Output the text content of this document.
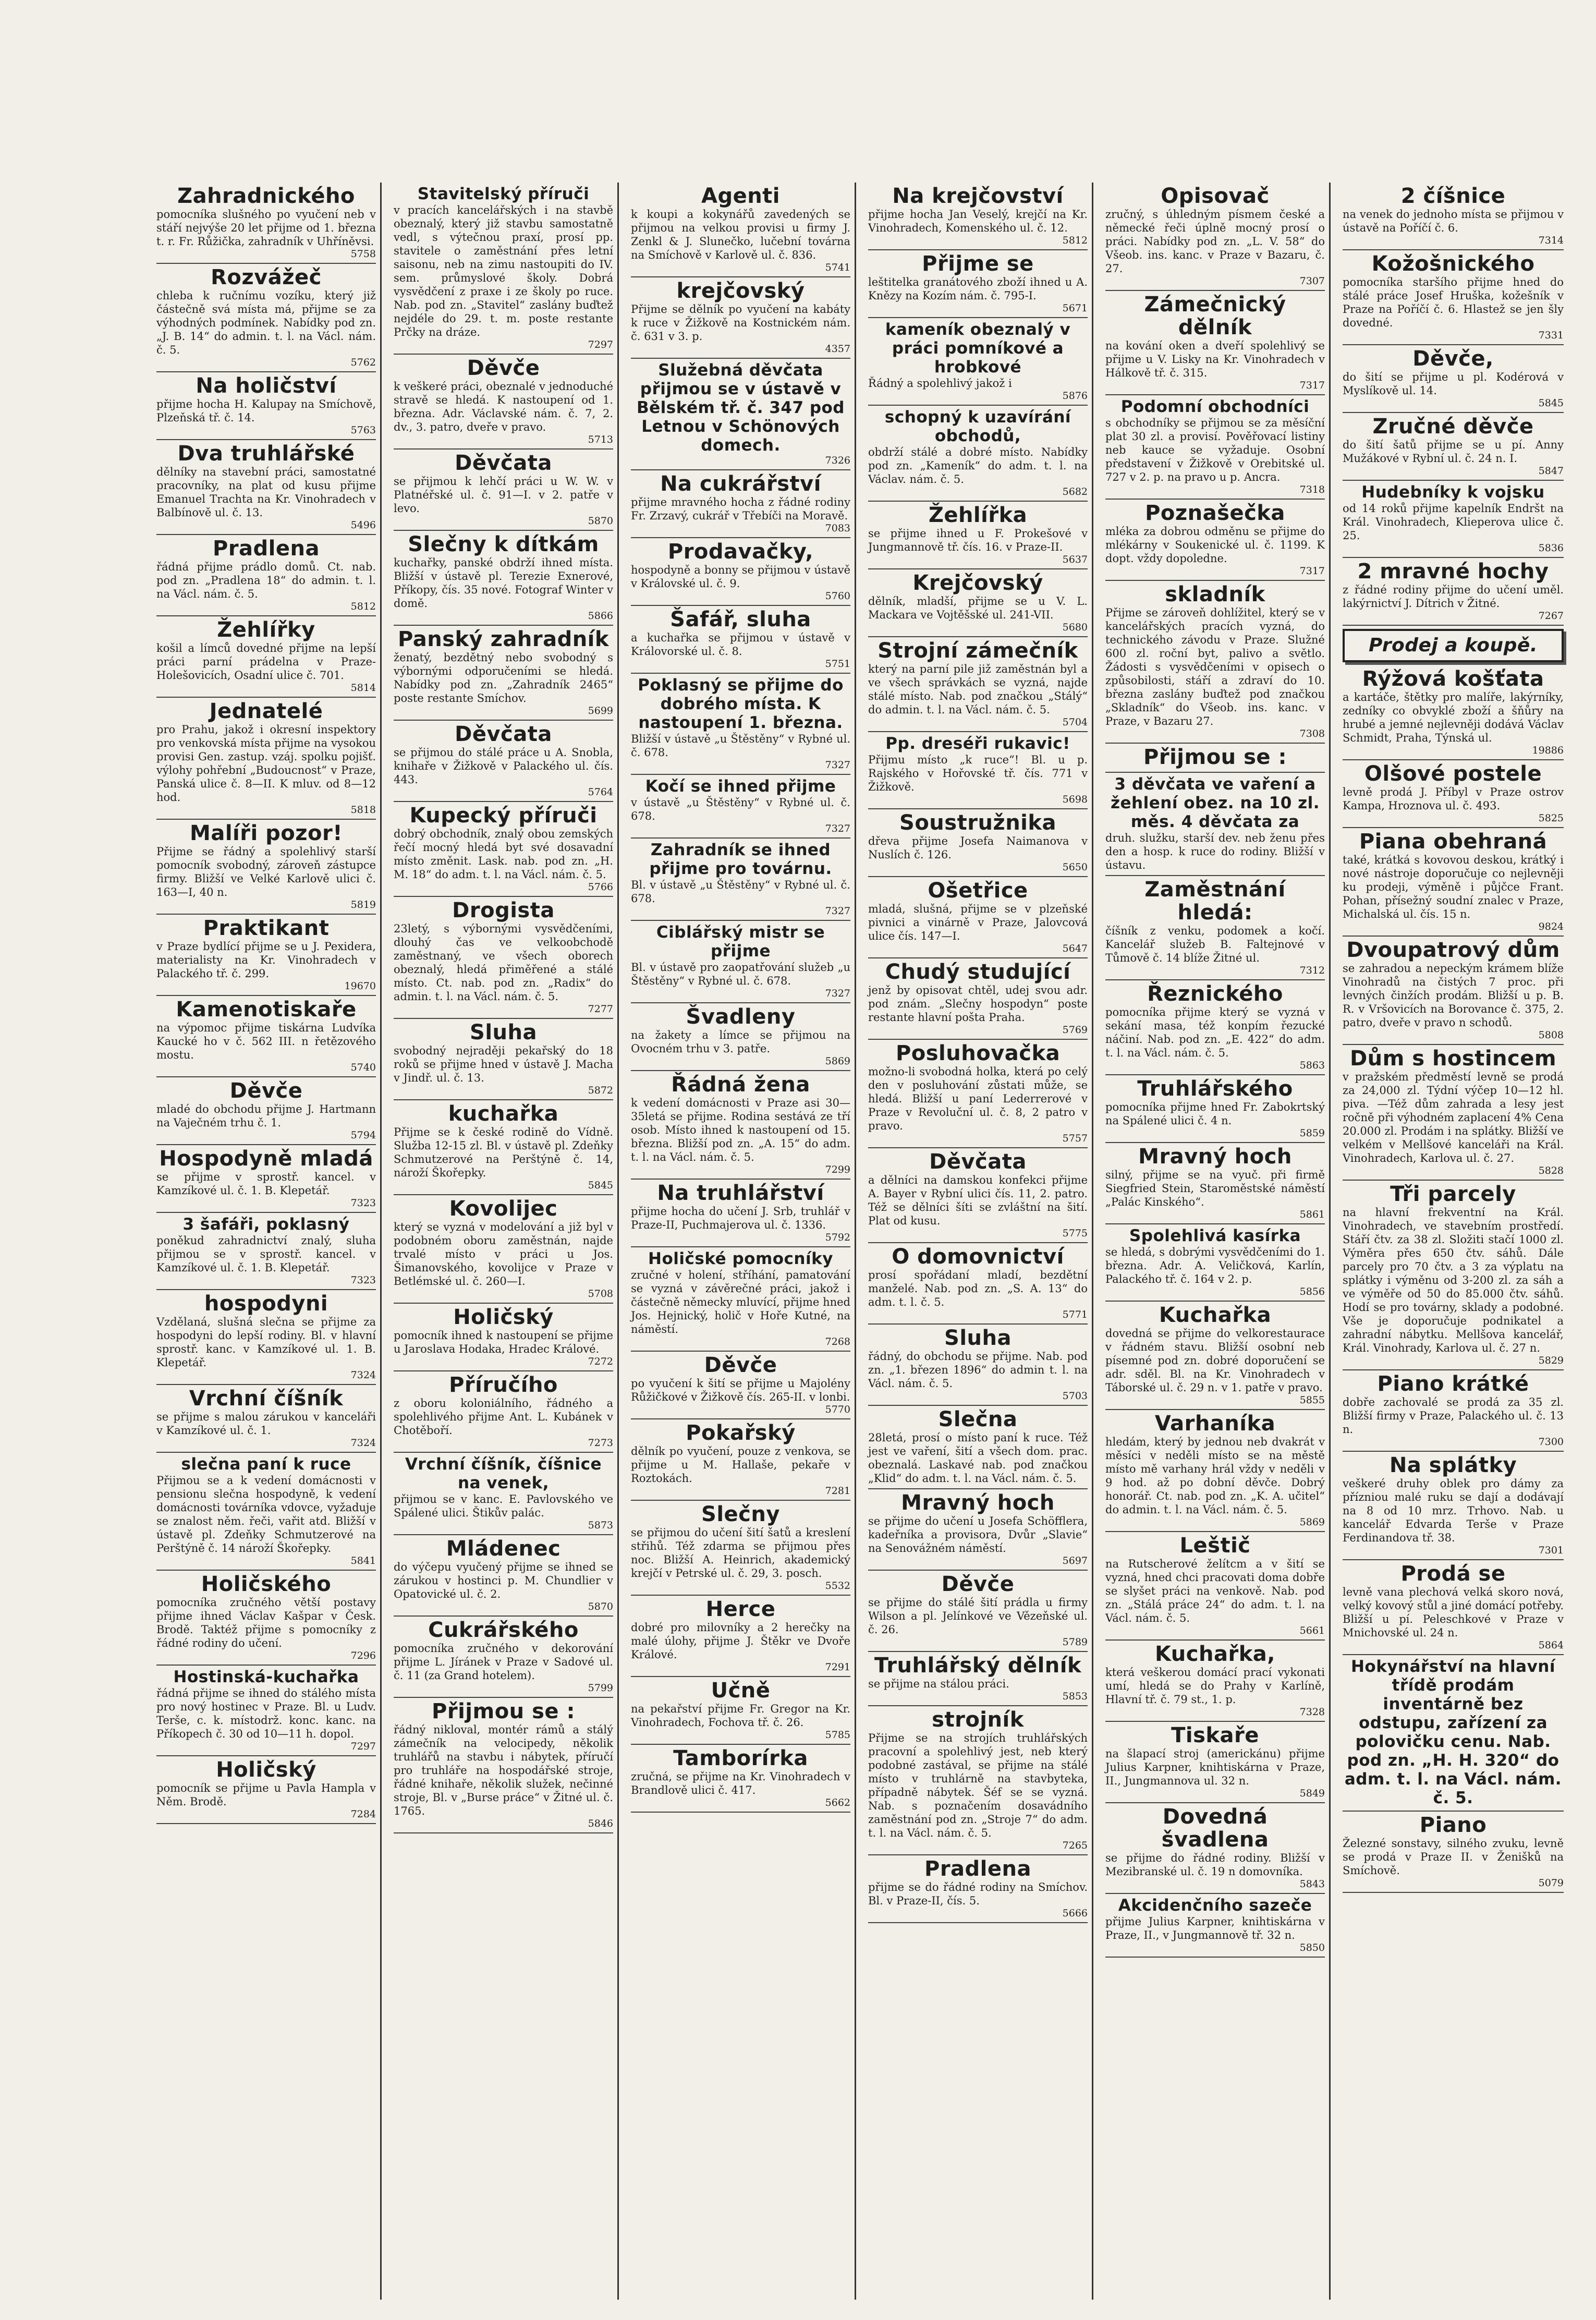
Zahradnického
pomocníka slušného po vyučení neb v stáří nejvýše 20 let přijme od 1. března t. r. Fr. Růžička, zahradník v Uhříněvsi.
5758
Rozvážeč
chleba k ručnímu vozíku, který již částečně svá místa má, přijme se za výhodných podmínek. Nabídky pod zn. „J. B. 14“ do admin. t. l. na Václ. nám. č. 5.
5762
Na holičství
přijme hocha H. Kalupay na Smíchově, Plzeňská tř. č. 14.
5763
Dva truhlářské
dělníky na stavební práci, samostatné pracovníky, na plat od kusu přijme Emanuel Trachta na Kr. Vinohradech v Balbínově ul. č. 13.
5496
Pradlena
řádná přijme prádlo domů. Ct. nab. pod zn. „Pradlena 18“ do admin. t. l. na Václ. nám. č. 5.
5812
Žehlířky
košil a límců dovedné přijme na lepší práci parní prádelna v Praze-Holešovicích, Osadní ulice č. 701.
5814
Jednatelé
pro Prahu, jakož i okresní inspektory pro venkovská místa přijme na vysokou provisi Gen. zastup. vzáj. spolku pojišť. výlohy pohřební „Budoucnost“ v Praze, Panská ulice č. 8—II. K mluv. od 8—12 hod.
5818
Malíři pozor!
Přijme se řádný a spolehlivý starší pomocník svobodný, zároveň zástupce firmy. Bližší ve Velké Karlově ulici č. 163—I, 40 n.
5819
Praktikant
v Praze bydlící přijme se u J. Pexidera, materialisty na Kr. Vinohradech v Palackého tř. č. 299.
19670
Kamenotiskaře
na výpomoc přijme tiskárna Ludvíka Kaucké ho v č. 562 III. n řetězového mostu.
5740
Děvče
mladé do obchodu přijme J. Hartmann na Vaječném trhu č. 1.
5794
Hospodyně mladá
se přijme v sprostř. kancel. v Kamzíkové ul. č. 1. B. Klepetář.
7323
3 šafáři, poklasný
poněkud zahradnictví znalý, sluha přijmou se v sprostř. kancel. v Kamzíkové ul. č. 1. B. Klepetář.
7323
hospodyni
Vzdělaná, slušná slečna se přijme za hospodyni do lepší rodiny. Bl. v hlavní sprostř. kanc. v Kamzíkové ul. 1. B. Klepetář.
7324
Vrchní číšník
se přijme s malou zárukou v kanceláři v Kamzíkové ul. č. 1.
7324
slečna paní k ruce
Přijmou se a k vedení domácnosti v pensionu slečna hospodyně, k vedení domácnosti továrníka vdovce, vyžaduje se znalost něm. řeči, vařit atd. Bližší v ústavě pl. Zdeňky Schmutzerové na Perštýně č. 14 nároží Škořepky.
5841
Holičského
pomocníka zručného větší postavy přijme ihned Václav Kašpar v Česk. Brodě. Taktéž přijme s pomocníky z řádné rodiny do učení.
7296
Hostinská-kuchařka
řádná přijme se ihned do stálého místa pro nový hostinec v Praze. Bl. u Ludv. Terše, c. k. místodrž. konc. kanc. na Příkopech č. 30 od 10—11 h. dopol.
7297
Holičský
pomocník se přijme u Pavla Hampla v Něm. Brodě.
7284
Stavitelský příruči
v pracích kancelářských i na stavbě obeznalý, který již stavbu samostatně vedl, s výtečnou praxí, prosí pp. stavitele o zaměstnání přes letní saisonu, neb na zimu nastoupiti do IV. sem. průmyslové školy. Dobrá vysvědčení z praxe i ze školy po ruce. Nab. pod zn. „Stavitel“ zaslány buďtež nejdéle do 29. t. m. poste restante Prčky na dráze.
7297
Děvče
k veškeré práci, obeznalé v jednoduché stravě se hledá. K nastoupení od 1. března. Adr. Václavské nám. č. 7, 2. dv., 3. patro, dveře v pravo.
5713
Děvčata
se přijmou k lehčí práci u W. W. v Platnéřské ul. č. 91—I. v 2. patře v levo.
5870
Slečny k dítkám
kuchařky, panské obdrží ihned místa. Bližší v ústavě pl. Terezie Exnerové, Příkopy, čís. 35 nové. Fotograf Winter v domě.
5866
Panský zahradník
ženatý, bezdětný nebo svobodný s výbornými odporučeními se hledá. Nabídky pod zn. „Zahradník 2465“ poste restante Smíchov.
5699
Děvčata
se přijmou do stálé práce u A. Snobla, knihaře v Žižkově v Palackého ul. čís. 443.
5764
Kupecký příruči
dobrý obchodník, znalý obou zemských řečí mocný hledá byt své dosavadní místo změnit. Lask. nab. pod zn. „H. M. 18“ do adm. t. l. na Václ. nám. č. 5.
5766
Drogista
23letý, s výbornými vysvědčeními, dlouhý čas ve velkoobchodě zaměstnaný, ve všech oborech obeznalý, hledá přiměřené a stálé místo. Ct. nab. pod zn. „Radix“ do admin. t. l. na Václ. nám. č. 5.
7277
Sluha
svobodný nejraději pekařský do 18 roků se přijme hned v ústavě J. Macha v Jindř. ul. č. 13.
5872
kuchařka
Přijme se k české rodině do Vídně. Služba 12-15 zl. Bl. v ústavě pl. Zdeňky Schmutzerové na Perštýně č. 14, nároží Škořepky.
5845
Kovolijec
který se vyzná v modelování a již byl v podobném oboru zaměstnán, najde trvalé místo v práci u Jos. Šimanovského, kovolijce v Praze v Betlémské ul. č. 260—I.
5708
Holičský
pomocník ihned k nastoupení se přijme u Jaroslava Hodaka, Hradec Králové.
7272
Příručího
z oboru koloniálního, řádného a spolehlivého přijme Ant. L. Kubánek v Chotěboří.
7273
Vrchní číšník, číšnice na venek,
přijmou se v kanc. E. Pavlovského ve Spálené ulici. Štikův palác.
5873
Mládenec
do výčepu vyučený přijme se ihned se zárukou v hostinci p. M. Chundlier v Opatovické ul. č. 2.
5870
Cukrářského
pomocníka zručného v dekorování přijme L. Jíránek v Praze v Sadové ul. č. 11 (za Grand hotelem).
5799
Přijmou se :
řádný nikloval, montér rámů a stálý zámečník na velocipedy, několik truhlářů na stavbu i nábytek, příručí pro truhláře na hospodářské stroje, řádné knihaře, několik služek, nečinné stroje, Bl. v „Burse práce“ v Žitné ul. č. 1765.
5846
Agenti
k koupi a kokynářů zavedených se přijmou na velkou provisi u firmy J. Zenkl & J. Slunečko, lučební továrna na Smíchově v Karlově ul. č. 836.
5741
krejčovský
Přijme se dělník po vyučení na kabáty k ruce v Žižkově na Kostnickém nám. č. 631 v 3. p.
4357
Služebná děvčata přijmou se v ústavě v Bělském tř. č. 347 pod Letnou v Schönových domech.
7326
Na cukrářství
přijme mravného hocha z řádné rodiny Fr. Zrzavý, cukrář v Třebíči na Moravě.
7083
Prodavačky,
hospodyně a bonny se přijmou v ústavě v Královské ul. č. 9.
5760
Šafář, sluha
a kuchařka se přijmou v ústavě v Královorské ul. č. 8.
5751
Poklasný se přijme do dobrého místa. K nastoupení 1. března.
Bližší v ústavě „u Štěstěny“ v Rybné ul. č. 678.
7327
Kočí se ihned přijme
v ústavě „u Štěstěny“ v Rybné ul. č. 678.
7327
Zahradník se ihned přijme pro továrnu.
Bl. v ústavě „u Štěstěny“ v Rybné ul. č. 678.
7327
Ciblářský mistr se přijme
Bl. v ústavě pro zaopatřování služeb „u Štěstěny“ v Rybné ul. č. 678.
7327
Švadleny
na žakety a límce se přijmou na Ovocném trhu v 3. patře.
5869
Řádná žena
k vedení domácnosti v Praze asi 30—35letá se přijme. Rodina sestává ze tří osob. Místo ihned k nastoupení od 15. března. Bližší pod zn. „A. 15“ do adm. t. l. na Václ. nám. č. 5.
7299
Na truhlářství
přijme hocha do učení J. Srb, truhlář v Praze-II, Puchmajerova ul. č. 1336.
5792
Holičské pomocníky
zručné v holení, stříhání, pamatování se vyzná v závěrečné práci, jakož i částečně německy mluvící, přijme hned Jos. Hejnický, holič v Hoře Kutné, na náměstí.
7268
Děvče
po vyučení k šití se přijme u Majolény Růžičkové v Žižkově čís. 265-II. v lonbi.
5770
Pokařský
dělník po vyučení, pouze z venkova, se přijme u M. Hallaše, pekaře v Roztokách.
7281
Slečny
se přijmou do učení šití šatů a kreslení střihů. Též zdarma se přijmou přes noc. Bližší A. Heinrich, akademický krejčí v Petrské ul. č. 29, 3. posch.
5532
Herce
dobré pro milovníky a 2 herečky na malé úlohy, přijme J. Štěkr ve Dvoře Králové.
7291
Učně
na pekařství přijme Fr. Gregor na Kr. Vinohradech, Fochova tř. č. 26.
5785
Tamborírka
zručná, se přijme na Kr. Vinohradech v Brandlově ulici č. 417.
5662
Na krejčovství
přijme hocha Jan Veselý, krejčí na Kr. Vinohradech, Komenského ul. č. 12.
5812
Přijme se
leštitelka granátového zboží ihned u A. Knězy na Kozím nám. č. 795-I.
5671
kameník obeznalý v práci pomníkové a hrobkové
Řádný a spolehlivý jakož i
5876
schopný k uzavírání obchodů,
obdrží stálé a dobré místo. Nabídky pod zn. „Kameník“ do adm. t. l. na Václav. nám. č. 5.
5682
Žehlířka
se přijme ihned u F. Prokešové v Jungmannově tř. čís. 16. v Praze-II.
5637
Krejčovský
dělník, mladší, přijme se u V. L. Mackara ve Vojtěšské ul. 241-VII.
5680
Strojní zámečník
který na parní pile již zaměstnán byl a ve všech správkách se vyzná, najde stálé místo. Nab. pod značkou „Stálý“ do admin. t. l. na Václ. nám. č. 5.
5704
Pp. dreséři rukavic!
Přijmu místo „k ruce“! Bl. u p. Rajského v Hořovské tř. čís. 771 v Žižkově.
5698
Soustružnika
dřeva přijme Josefa Naimanova v Nuslích č. 126.
5650
Ošetřice
mladá, slušná, přijme se v plzeňské pivnici a vinárně v Praze, Jalovcová ulice čís. 147—I.
5647
Chudý studující
jenž by opisovat chtěl, udej svou adr. pod znám. „Slečny hospodyn“ poste restante hlavní pošta Praha.
5769
Posluhovačka
možno-li svobodná holka, která po celý den v posluhování zůstati může, se hledá. Bližší u paní Lederrerové v Praze v Revoluční ul. č. 8, 2 patro v pravo.
5757
Děvčata
a dělníci na damskou konfekci přijme A. Bayer v Rybní ulici čís. 11, 2. patro. Též se dělníci šíti se zvláštní na šití. Plat od kusu.
5775
O domovnictví
prosí spořádaní mladí, bezdětní manželé. Nab. pod zn. „S. A. 13“ do adm. t. l. č. 5.
5771
Sluha
řádný, do obchodu se přijme. Nab. pod zn. „1. březen 1896“ do admin t. l. na Václ. nám. č. 5.
5703
Slečna
28letá, prosí o místo paní k ruce. Též jest ve vaření, šití a všech dom. prac. obeznalá. Laskavé nab. pod značkou „Klid“ do adm. t. l. na Václ. nám. č. 5.
Mravný hoch
se přijme do učení u Josefa Schöfflera, kadeřníka a provisora, Dvůr „Slavie“ na Senovážném náměstí.
5697
Děvče
se přijme do stálé šití prádla u firmy Wilson a pl. Jelínkové ve Vězeňské ul. č. 26.
5789
Truhlářský dělník
se přijme na stálou práci.
5853
strojník
Přijme se na strojích truhlářských pracovní a spolehlivý jest, neb který podobné zastával, se přijme na stálé místo v truhlárně na stavbyteka, případně nábytek. Šéf se se vyzná. Nab. s poznačením dosavádního zaměstnání pod zn. „Stroje 7“ do adm. t. l. na Václ. nám. č. 5.
7265
Pradlena
přijme se do řádné rodiny na Smíchov. Bl. v Praze-II, čís. 5.
5666
Opisovač
zručný, s úhledným písmem české a německé řeči úplně mocný prosí o práci. Nabídky pod zn. „L. V. 58“ do Všeob. ins. kanc. v Praze v Bazaru, č. 27.
7307
Zámečnický dělník
na kování oken a dveří spolehlivý se přijme u V. Lisky na Kr. Vinohradech v Hálkově tř. č. 315.
7317
Podomní obchodníci
s obchodníky se přijmou se za měsíční plat 30 zl. a provisí. Pověřovací listiny neb kauce se vyžaduje. Osobní představení v Žižkově v Orebitské ul. 727 v 2. p. na pravo u p. Ancra.
7318
Poznašečka
mléka za dobrou odměnu se přijme do mlékárny v Soukenické ul. č. 1199. K dopt. vždy dopoledne.
7317
skladník
Přijme se zároveň dohlížitel, který se v kancelářských pracích vyzná, do technického závodu v Praze. Služné 600 zl. roční byt, palivo a světlo. Žádosti s vysvědčeními v opisech o způsobilosti, stáří a zdraví do 10. března zaslány buďtež pod značkou „Skladník“ do Všeob. ins. kanc. v Praze, v Bazaru 27.
7308
Přijmou se :
3 děvčata ve vaření a žehlení obez. na 10 zl. měs. 4 děvčata za
druh. služku, starší dev. neb ženu přes den a hosp. k ruce do rodiny. Bližší v ústavu.
Zaměstnání hledá:
číšník z venku, podomek a kočí. Kancelář služeb B. Faltejnové v Tůmově č. 14 blíže Žitné ul.
7312
Řeznického
pomocníka přijme který se vyzná v sekání masa, též konpím řezucké náčiní. Nab. pod zn. „E. 422“ do adm. t. l. na Václ. nám. č. 5.
5863
Truhlářského
pomocníka přijme hned Fr. Zabokrtský na Spálené ulici č. 4 n.
5859
Mravný hoch
silný, přijme se na vyuč. při firmě Siegfried Stein, Staroměstské náměstí „Palác Kinského“.
5861
Spolehlivá kasírka
se hledá, s dobrými vysvědčeními do 1. března. Adr. A. Veličková, Karlín, Palackého tř. č. 164 v 2. p.
5856
Kuchařka
dovedná se přijme do velkorestaurace v řádném stavu. Bližší osobní neb písemné pod zn. dobré doporučení se adr. sděl. Bl. na Kr. Vinohradech v Táborské ul. č. 29 n. v 1. patře v pravo.
5855
Varhaníka
hledám, který by jednou neb dvakrát v měsíci v neděli místo se na městě místo mě varhany hrál vždy v neděli v 9 hod. až po dobní děvče. Dobrý honorář. Ct. nab. pod zn. „K. A. učitel“ do admin. t. l. na Václ. nám. č. 5.
5869
Leštič
na Rutscherové želítcm a v šití se vyzná, hned chci pracovati doma dobře se slyšet práci na venkově. Nab. pod zn. „Stálá práce 24“ do adm. t. l. na Václ. nám. č. 5.
5661
Kuchařka,
která veškerou domácí prací vykonati umí, hledá se do Prahy v Karlíně, Hlavní tř. č. 79 st., 1. p.
7328
Tiskaře
na šlapací stroj (americkánu) přijme Julius Karpner, knihtiskárna v Praze, II., Jungmannova ul. 32 n.
5849
Dovedná švadlena
se přijme do řádné rodiny. Bližší v Mezibranské ul. č. 19 n domovníka.
5843
Akcidenčního sazeče
přijme Julius Karpner, knihtiskárna v Praze, II., v Jungmannově tř. 32 n.
5850
2 číšnice
na venek do jednoho místa se přijmou v ústavě na Poříčí č. 6.
7314
Kožošnického
pomocníka staršího přijme hned do stálé práce Josef Hruška, kožešník v Praze na Poříčí č. 6. Hlastež se jen šly dovedné.
7331
Děvče,
do šití se přijme u pl. Kodérová v Myslíkově ul. 14.
5845
Zručné děvče
do šití šatů přijme se u pí. Anny Mužákové v Rybní ul. č. 24 n. I.
5847
Hudebníky k vojsku
od 14 roků přijme kapelník Endršt na Král. Vinohradech, Klieperova ulice č. 25.
5836
2 mravné hochy
z řádné rodiny přijme do učení uměl. lakýrnictví J. Dítrich v Žitné.
7267
Prodej a koupě.
Rýžová košťata
a kartáče, štětky pro malíře, lakýrníky, zedníky co obvyklé zboží a šňůry na hrubé a jemné nejlevněji dodává Václav Schmidt, Praha, Týnská ul.
19886
Olšové postele
levně prodá J. Příbyl v Praze ostrov Kampa, Hroznova ul. č. 493.
5825
Piana obehraná
také, krátká s kovovou deskou, krátký i nové nástroje doporučuje co nejlevněji ku prodeji, výměně i půjčce Frant. Pohan, přísežný soudní znalec v Praze, Michalská ul. čís. 15 n.
9824
Dvoupatrový dům
se zahradou a nepeckým krámem blíže Vinohradů na čistých 7 proc. při levných činžích prodám. Bližší u p. B. R. v Vršovicích na Borovance č. 375, 2. patro, dveře v pravo n schodů.
5808
Dům s hostincem
v pražském předměstí levně se prodá za 24,000 zl. Týdní výčep 10—12 hl. piva. —Též dům zahrada a lesy jest ročně při výhodném zaplacení 4% Cena 20.000 zl. Prodám i na splátky. Bližší ve velkém v Mellšové kanceláři na Král. Vinohradech, Karlova ul. č. 27.
5828
Tři parcely
na hlavní frekventní na Král. Vinohradech, ve stavebním prostředí. Stáří čtv. za 38 zl. Složiti stačí 1000 zl. Výměra přes 650 čtv. sáhů. Dále parcely pro 70 čtv. a 3 za výplatu na splátky i výměnu od 3-200 zl. za sáh a ve výměře od 50 do 85.000 čtv. sáhů. Hodí se pro továrny, sklady a podobné. Vše je doporučuje podnikatel a zahradní nábytku. Mellšova kancelář, Král. Vinohrady, Karlova ul. č. 27 n.
5829
Piano krátké
dobře zachovalé se prodá za 35 zl. Bližší firmy v Praze, Palackého ul. č. 13 n.
7300
Na splátky
veškeré druhy oblek pro dámy za přízniou malé ruku se dají a dodávají na 8 od 10 mrz. Trhovo. Nab. u kancelář Edvarda Terše v Praze Ferdinandova tř. 38.
7301
Prodá se
levně vana plechová velká skoro nová, velký kovový stůl a jiné domácí potřeby. Bližší u pí. Peleschkové v Praze v Mnichovské ul. 24 n.
5864
Hokynářství na hlavní třídě prodám inventárně bez odstupu, zařízení za polovičku cenu. Nab. pod zn. „H. H. 320“ do adm. t. l. na Václ. nám. č. 5.
Piano
Železné sonstavy, silného zvuku, levně se prodá v Praze II. v Ženišků na Smíchově.
5079
